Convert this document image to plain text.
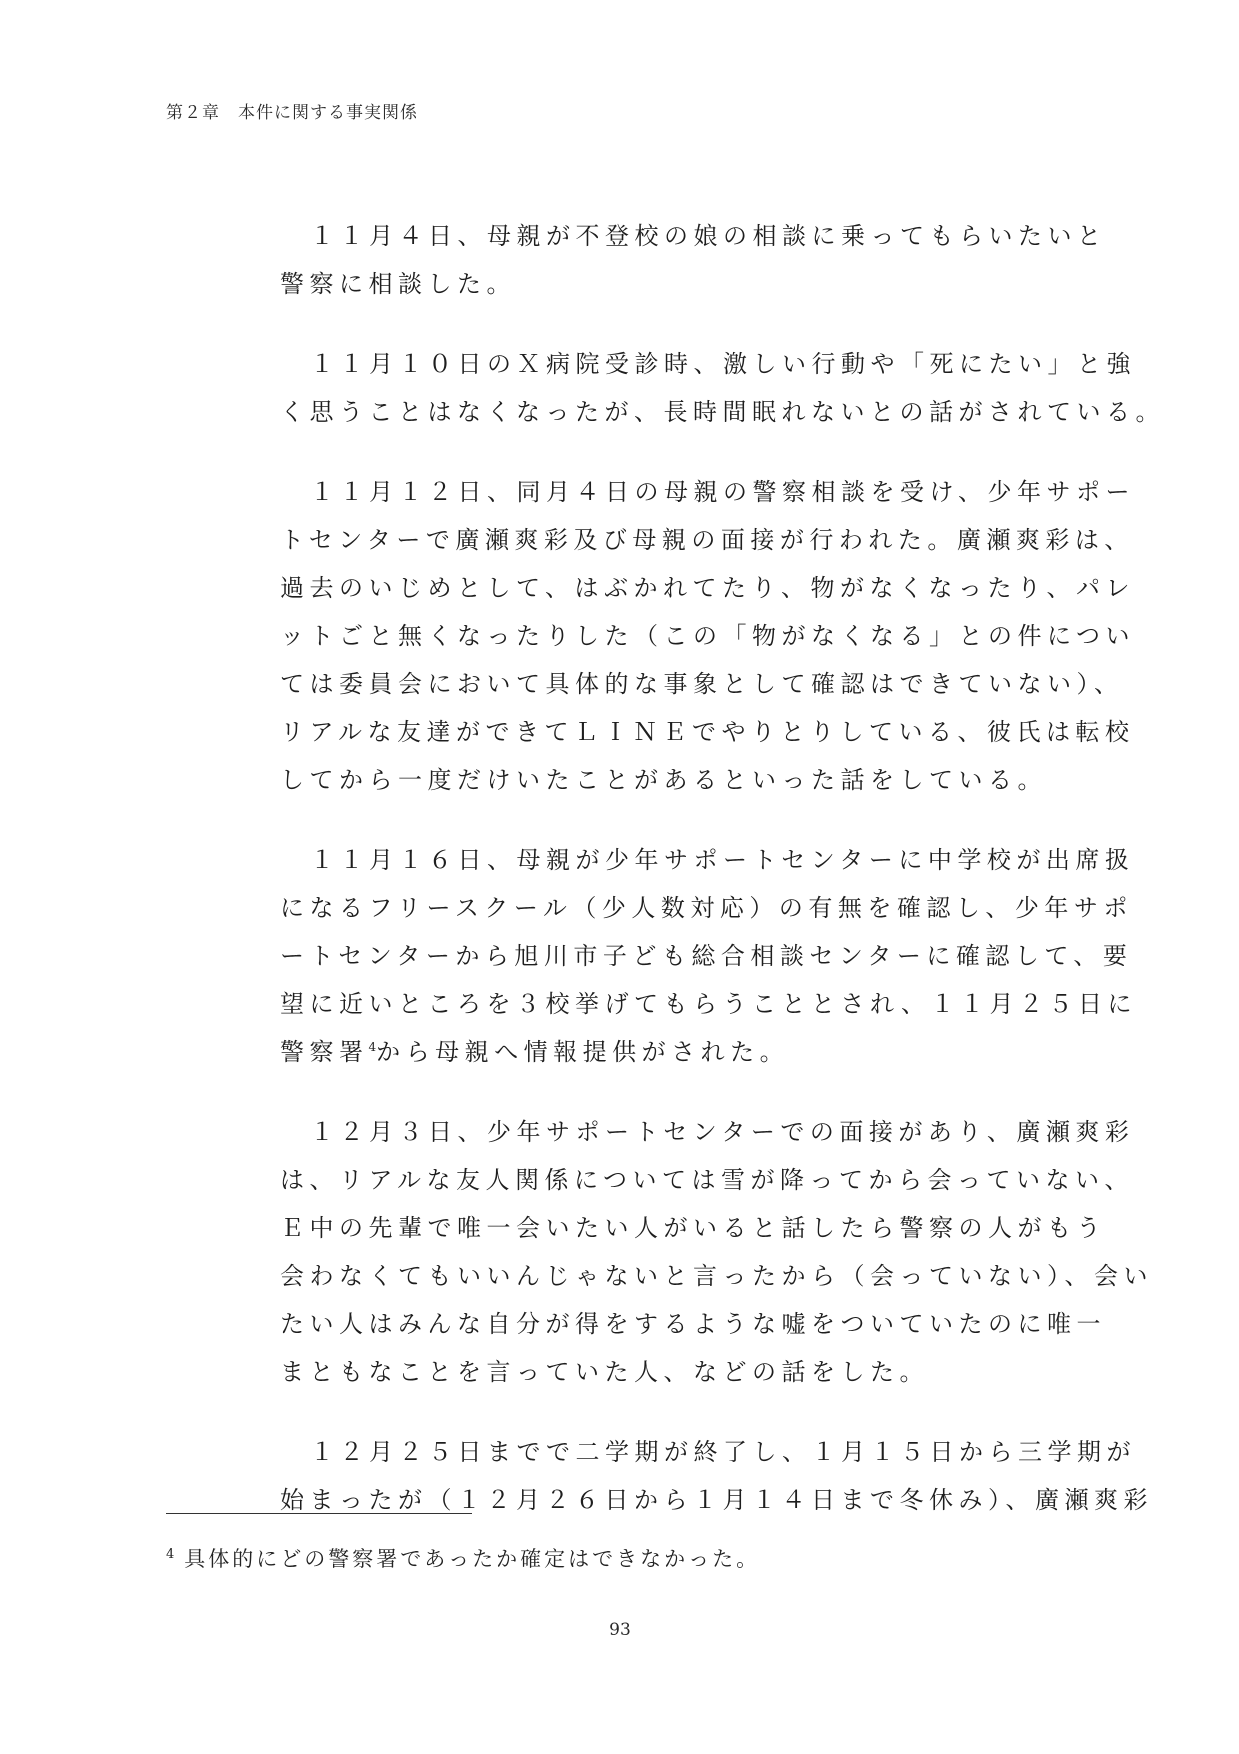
第２章　本件に関する事実関係

１１月４日、母親が不登校の娘の相談に乗ってもらいたいと
警察に相談した。

１１月１０日のＸ病院受診時、激しい行動や「死にたい」と強
く思うことはなくなったが、長時間眠れないとの話がされている。

１１月１２日、同月４日の母親の警察相談を受け、少年サポー
トセンターで廣瀬爽彩及び母親の面接が行われた。廣瀬爽彩は、
過去のいじめとして、はぶかれてたり、物がなくなったり、パレ
ットごと無くなったりした（この「物がなくなる」との件につい
ては委員会において具体的な事象として確認はできていない）、
リアルな友達ができてＬＩＮＥでやりとりしている、彼氏は転校
してから一度だけいたことがあるといった話をしている。

１１月１６日、母親が少年サポートセンターに中学校が出席扱
になるフリースクール（少人数対応）の有無を確認し、少年サポ
ートセンターから旭川市子ども総合相談センターに確認して、要
望に近いところを３校挙げてもらうこととされ、１１月２５日に
警察署$^4$から母親へ情報提供がされた。

１２月３日、少年サポートセンターでの面接があり、廣瀬爽彩
は、リアルな友人関係については雪が降ってから会っていない、
Ｅ中の先輩で唯一会いたい人がいると話したら警察の人がもう
会わなくてもいいんじゃないと言ったから（会っていない）、会い
たい人はみんな自分が得をするような嘘をついていたのに唯一
まともなことを言っていた人、などの話をした。

１２月２５日までで二学期が終了し、１月１５日から三学期が
始まったが（１２月２６日から１月１４日まで冬休み）、廣瀬爽彩

$^4$ 具体的にどの警察署であったか確定はできなかった。
93
